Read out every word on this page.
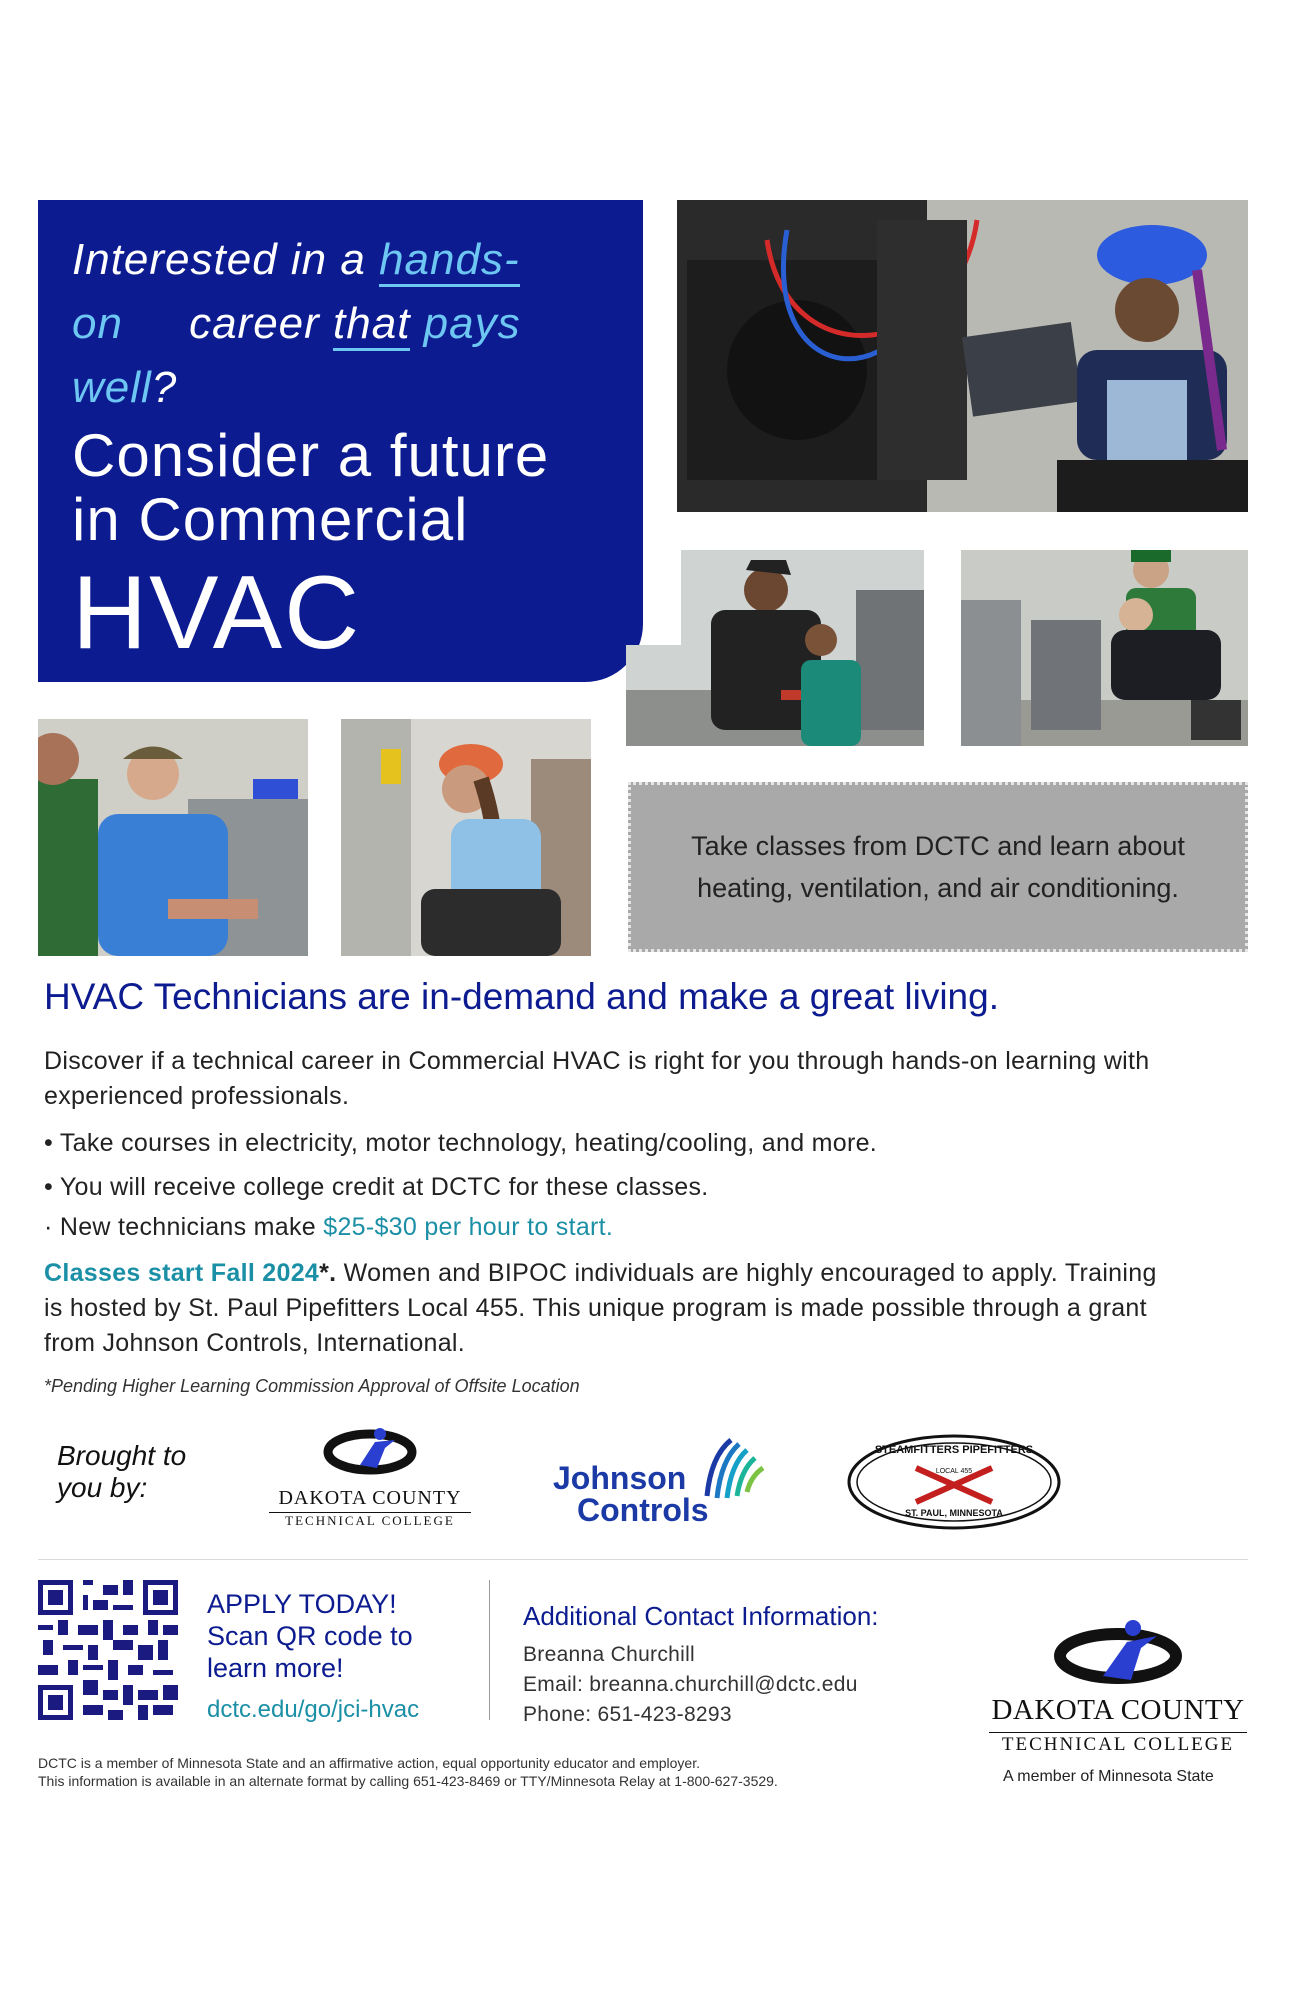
Interested in a hands-
on     career that pays
well?

Consider a future
in Commercial

HVAC

Take classes from DCTC and learn about heating, ventilation, and air conditioning.

HVAC Technicians are in-demand and make a great living.

Discover if a technical career in Commercial HVAC is right for you through hands-on learning with experienced professionals.

• Take courses in electricity, motor technology, heating/cooling, and more.

• You will receive college credit at DCTC for these classes.

· New technicians make $25-$30 per hour to start.

Classes start Fall 2024*. Women and BIPOC individuals are highly encouraged to apply. Training is hosted by St. Paul Pipefitters Local 455. This unique program is made possible through a grant from Johnson Controls, International.

*Pending Higher Learning Commission Approval of Offsite Location

Brought to you by:	DAKOTA COUNTY
TECHNICAL COLLEGE
Johnson
Controls
STEAMFITTERS PIPEFITTERS
LOCAL 455
ST. PAUL, MINNESOTA

APPLY TODAY!
Scan QR code to
learn more!

dctc.edu/go/jci-hvac

Additional Contact Information:

Breanna Churchill

Email: breanna.churchill@dctc.edu

Phone: 651-423-8293	DAKOTA COUNTY
TECHNICAL COLLEGE

DCTC is a member of Minnesota State and an affirmative action, equal opportunity educator and employer.

This information is available in an alternate format by calling 651-423-8469 or TTY/Minnesota Relay at 1-800-627-3529.	A member of Minnesota State
